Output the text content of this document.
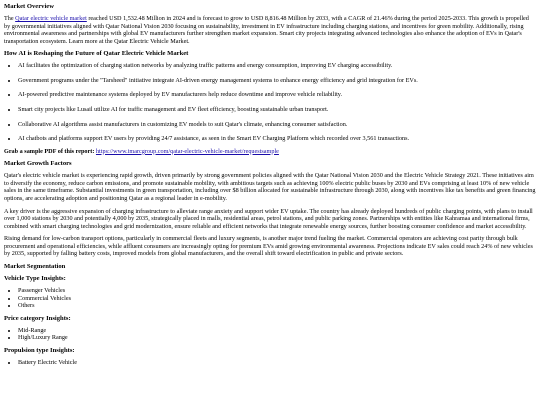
Market Overview

The Qatar electric vehicle market reached USD 1,532.48 Million in 2024 and is forecast to grow to USD 8,816.48 Million by 2033, with a CAGR of 21.46% during the period 2025-2033. This growth is propelled by governmental initiatives aligned with Qatar National Vision 2030 focusing on sustainability, investment in EV infrastructure including charging stations, and incentives for green mobility. Additionally, rising environmental awareness and partnerships with global EV manufacturers further strengthen market expansion. Smart city projects integrating advanced technologies also enhance the adoption of EVs in Qatar's transportation ecosystem. Learn more at the Qatar Electric Vehicle Market.

How AI is Reshaping the Future of Qatar Electric Vehicle Market
• AI facilitates the optimization of charging station networks by analyzing traffic patterns and energy consumption, improving EV charging accessibility.
• Government programs under the "Tarsheed" initiative integrate AI-driven energy management systems to enhance energy efficiency and grid integration for EVs.
• AI-powered predictive maintenance systems deployed by EV manufacturers help reduce downtime and improve vehicle reliability.
• Smart city projects like Lusail utilize AI for traffic management and EV fleet efficiency, boosting sustainable urban transport.
• Collaborative AI algorithms assist manufacturers in customizing EV models to suit Qatar's climate, enhancing consumer satisfaction.
• AI chatbots and platforms support EV users by providing 24/7 assistance, as seen in the Smart EV Charging Platform which recorded over 3,561 transactions.

Grab a sample PDF of this report: https://www.imarcgroup.com/qatar-electric-vehicle-market/requestsample

Market Growth Factors

Qatar's electric vehicle market is experiencing rapid growth, driven primarily by strong government policies aligned with the Qatar National Vision 2030 and the Electric Vehicle Strategy 2021. These initiatives aim to diversify the economy, reduce carbon emissions, and promote sustainable mobility, with ambitious targets such as achieving 100% electric public buses by 2030 and EVs comprising at least 10% of new vehicle sales in the same timeframe. Substantial investments in green transportation, including over $8 billion allocated for sustainable infrastructure through 2030, along with incentives like tax benefits and green financing options, are accelerating adoption and positioning Qatar as a regional leader in e-mobility.

A key driver is the aggressive expansion of charging infrastructure to alleviate range anxiety and support wider EV uptake. The country has already deployed hundreds of public charging points, with plans to install over 1,000 stations by 2030 and potentially 4,000 by 2035, strategically placed in malls, residential areas, petrol stations, and public parking zones. Partnerships with entities like Kahramaa and international firms, combined with smart charging technologies and grid modernization, ensure reliable and efficient networks that integrate renewable energy sources, further boosting consumer confidence and market accessibility.

Rising demand for low-carbon transport options, particularly in commercial fleets and luxury segments, is another major trend fueling the market. Commercial operators are achieving cost parity through bulk procurement and operational efficiencies, while affluent consumers are increasingly opting for premium EVs amid growing environmental awareness. Projections indicate EV sales could reach 24% of new vehicles by 2035, supported by falling battery costs, improved models from global manufacturers, and the overall shift toward electrification in public and private sectors.

Market Segmentation
Vehicle Type Insights:
• Passenger Vehicles
• Commercial Vehicles
• Others
Price category Insights:
• Mid-Range
• High/Luxury Range
Propulsion type Insights:
• Battery Electric Vehicle
